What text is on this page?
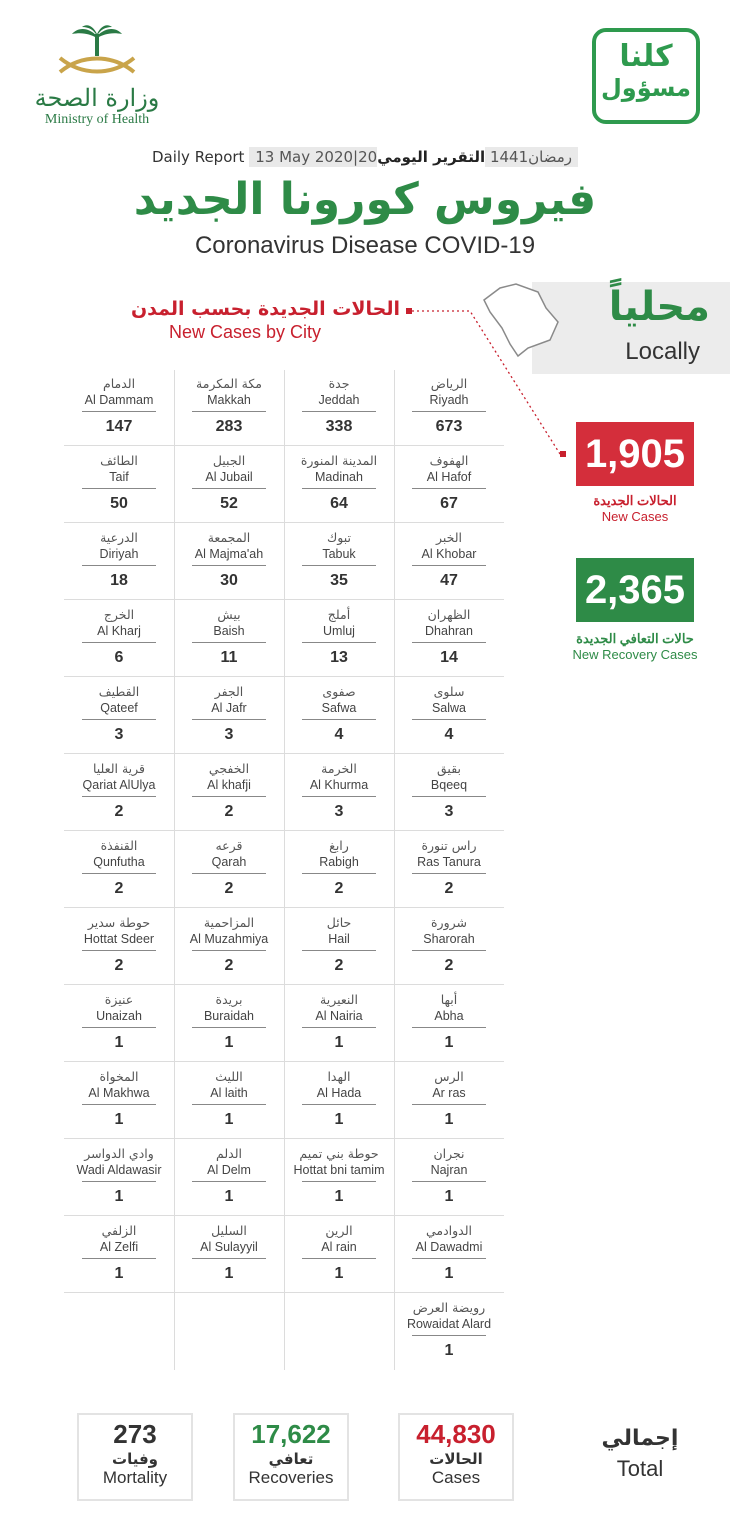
وزارة الصحة
Ministry of Health
كلنا
مسؤول
Daily Report 13 May 2020|20رمضان1441 التقرير اليومي
فيروس كورونا الجديد
Coronavirus Disease COVID-19
محلياً
Locally
الحالات الجديدة بحسب المدن
New Cases by City
1,905
الحالات الجديدة
New Cases
2,365
حالات التعافي الجديدة
New Recovery Cases
الرياض
Riyadh
673
جدة
Jeddah
338
مكة المكرمة
Makkah
283
الدمام
Al Dammam
147
الهفوف
Al Hafof
67
المدينة المنورة
Madinah
64
الجبيل
Al Jubail
52
الطائف
Taif
50
الخبر
Al Khobar
47
تبوك
Tabuk
35
المجمعة
Al Majma'ah
30
الدرعية
Diriyah
18
الظهران
Dhahran
14
أملج
Umluj
13
بيش
Baish
11
الخرج
Al Kharj
6
سلوى
Salwa
4
صفوى
Safwa
4
الجفر
Al Jafr
3
القطيف
Qateef
3
بقيق
Bqeeq
3
الخرمة
Al Khurma
3
الخفجي
Al khafji
2
قرية العليا
Qariat AlUlya
2
راس تنورة
Ras Tanura
2
رابغ
Rabigh
2
قرعه
Qarah
2
القنفذة
Qunfutha
2
شرورة
Sharorah
2
حائل
Hail
2
المزاحمية
Al Muzahmiya
2
حوطة سدير
Hottat Sdeer
2
أبها
Abha
1
النعيرية
Al Nairia
1
بريدة
Buraidah
1
عنيزة
Unaizah
1
الرس
Ar ras
1
الهدا
Al Hada
1
الليث
Al laith
1
المخواة
Al Makhwa
1
نجران
Najran
1
حوطة بني تميم
Hottat bni tamim
1
الدلم
Al Delm
1
وادي الدواسر
Wadi Aldawasir
1
الدوادمي
Al Dawadmi
1
الرين
Al rain
1
السليل
Al Sulayyil
1
الزلفي
Al Zelfi
1
رويضة العرض
Rowaidat Alard
1
44,830
الحالات
Cases
17,622
تعافي
Recoveries
273
وفيات
Mortality
إجمالي
Total
